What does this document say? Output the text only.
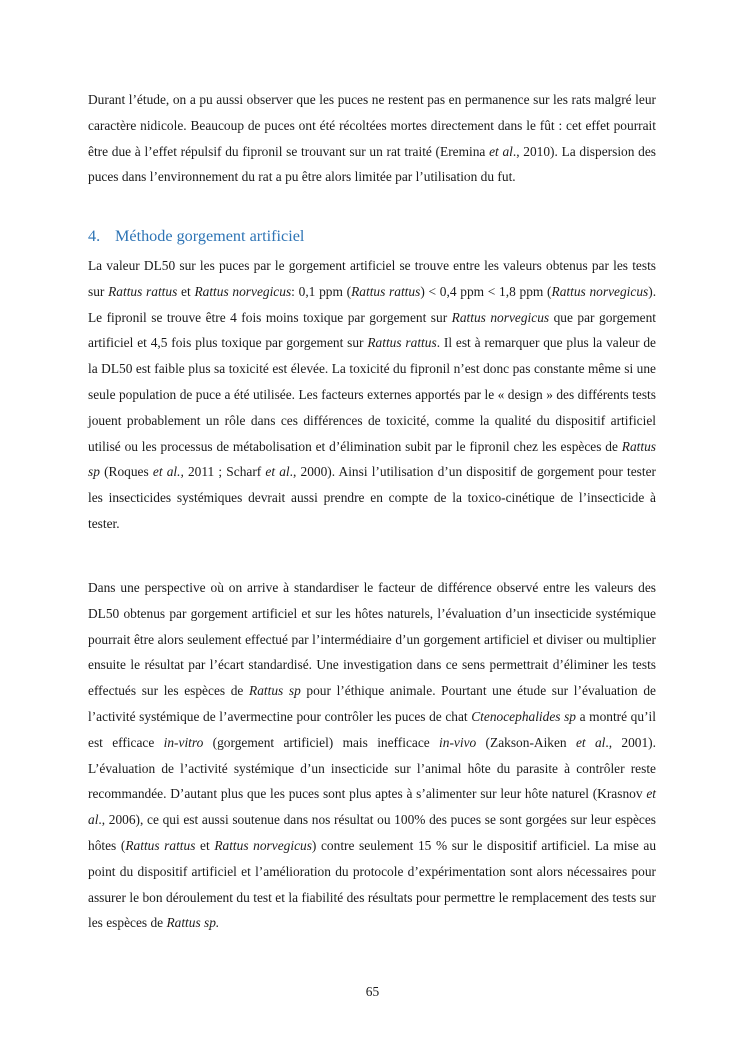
Durant l’étude, on a pu aussi observer que les puces ne restent pas en permanence sur les rats malgré leur caractère nidicole. Beaucoup de puces ont été récoltées mortes directement dans le fût : cet effet pourrait être due à l’effet répulsif du fipronil se trouvant sur un rat traité (Eremina et al., 2010). La dispersion des puces dans l’environnement du rat a pu être alors limitée par l’utilisation du fut.
4. Méthode gorgement artificiel
La valeur DL50 sur les puces par le gorgement artificiel se trouve entre les valeurs obtenus par les tests sur Rattus rattus et Rattus norvegicus: 0,1 ppm (Rattus rattus) < 0,4 ppm < 1,8 ppm (Rattus norvegicus). Le fipronil se trouve être 4 fois moins toxique par gorgement sur Rattus norvegicus que par gorgement artificiel et 4,5 fois plus toxique par gorgement sur Rattus rattus. Il est à remarquer que plus la valeur de la DL50 est faible plus sa toxicité est élevée. La toxicité du fipronil n’est donc pas constante même si une seule population de puce a été utilisée. Les facteurs externes apportés par le « design » des différents tests jouent probablement un rôle dans ces différences de toxicité, comme la qualité du dispositif artificiel utilisé ou les processus de métabolisation et d’élimination subit par le fipronil chez les espèces de Rattus sp (Roques et al., 2011 ; Scharf et al., 2000). Ainsi l’utilisation d’un dispositif de gorgement pour tester les insecticides systémiques devrait aussi prendre en compte de la toxico-cinétique de l’insecticide à tester.
Dans une perspective où on arrive à standardiser le facteur de différence observé entre les valeurs des DL50 obtenus par gorgement artificiel et sur les hôtes naturels, l’évaluation d’un insecticide systémique pourrait être alors seulement effectué par l’intermédiaire d’un gorgement artificiel et diviser ou multiplier ensuite le résultat par l’écart standardisé. Une investigation dans ce sens permettrait d’éliminer les tests effectués sur les espèces de Rattus sp pour l’éthique animale. Pourtant une étude sur l’évaluation de l’activité systémique de l’avermectine pour contrôler les puces de chat Ctenocephalides sp a montré qu’il est efficace in-vitro (gorgement artificiel) mais inefficace in-vivo (Zakson-Aiken et al., 2001). L’évaluation de l’activité systémique d’un insecticide sur l’animal hôte du parasite à contrôler reste recommandée. D’autant plus que les puces sont plus aptes à s’alimenter sur leur hôte naturel (Krasnov et al., 2006), ce qui est aussi soutenue dans nos résultat ou 100% des puces se sont gorgées sur leur espèces hôtes (Rattus rattus et Rattus norvegicus) contre seulement 15 % sur le dispositif artificiel. La mise au point du dispositif artificiel et l’amélioration du protocole d’expérimentation sont alors nécessaires pour assurer le bon déroulement du test et la fiabilité des résultats pour permettre le remplacement des tests sur les espèces de Rattus sp.
65
